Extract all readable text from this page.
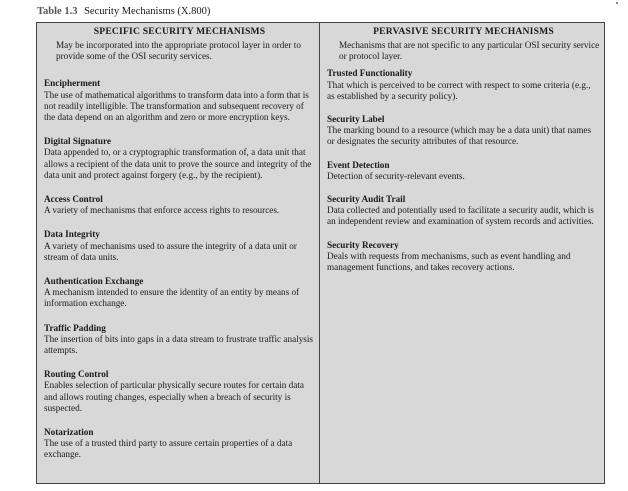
Table 1.3 Security Mechanisms (X.800)
SPECIFIC SECURITY MECHANISMS
May be incorporated into the appropriate protocol layer in order to provide some of the OSI security services.
Encipherment
The use of mathematical algorithms to transform data into a form that is not readily intelligible. The transformation and subsequent recovery of the data depend on an algorithm and zero or more encryption keys.
Digital Signature
Data appended to, or a cryptographic transformation of, a data unit that allows a recipient of the data unit to prove the source and integrity of the data unit and protect against forgery (e.g., by the recipient).
Access Control
A variety of mechanisms that enforce access rights to resources.
Data Integrity
A variety of mechanisms used to assure the integrity of a data unit or stream of data units.
Authentication Exchange
A mechanism intended to ensure the identity of an entity by means of information exchange.
Traffic Padding
The insertion of bits into gaps in a data stream to frustrate traffic analysis attempts.
Routing Control
Enables selection of particular physically secure routes for certain data and allows routing changes, especially when a breach of security is suspected.
Notarization
The use of a trusted third party to assure certain properties of a data exchange.
PERVASIVE SECURITY MECHANISMS
Mechanisms that are not specific to any particular OSI security service or protocol layer.
Trusted Functionality
That which is perceived to be correct with respect to some criteria (e.g., as established by a security policy).
Security Label
The marking bound to a resource (which may be a data unit) that names or designates the security attributes of that resource.
Event Detection
Detection of security-relevant events.
Security Audit Trail
Data collected and potentially used to facilitate a security audit, which is an independent review and examination of system records and activities.
Security Recovery
Deals with requests from mechanisms, such as event handling and management functions, and takes recovery actions.
